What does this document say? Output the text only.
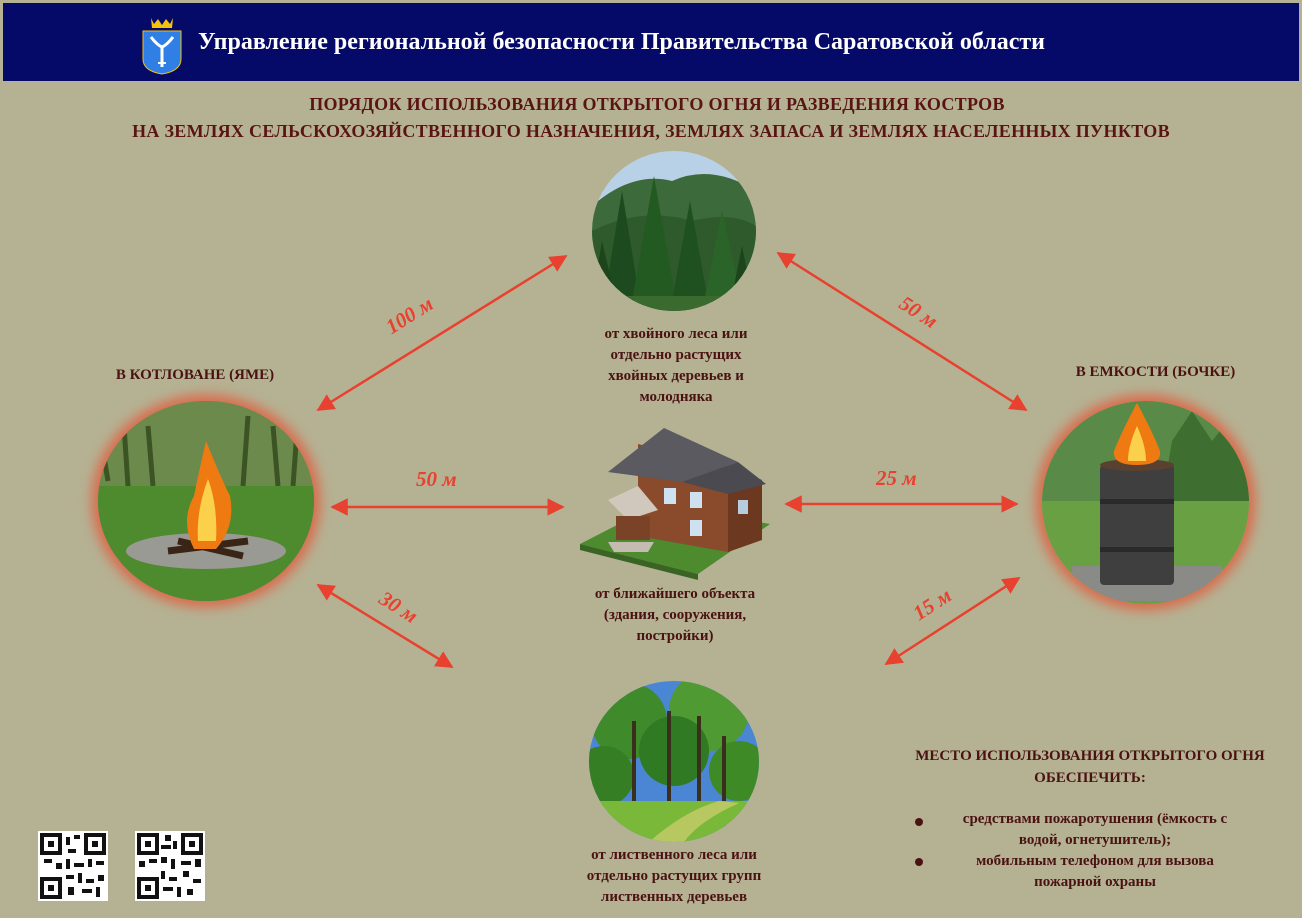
Управление региональной безопасности Правительства Саратовской области
ПОРЯДОК ИСПОЛЬЗОВАНИЯ ОТКРЫТОГО ОГНЯ И РАЗВЕДЕНИЯ КОСТРОВ
НА ЗЕМЛЯХ СЕЛЬСКОХОЗЯЙСТВЕННОГО НАЗНАЧЕНИЯ, ЗЕМЛЯХ ЗАПАСА И ЗЕМЛЯХ НАСЕЛЕННЫХ ПУНКТОВ
100 м	50 м
50 м	25 м
30 м	15 м
от хвойного леса или
отдельно растущих
хвойных деревьев и
молодняка
В КОТЛОВАНЕ (ЯМЕ)	В ЕМКОСТИ (БОЧКЕ)
от ближайшего объекта
(здания, сооружения,
постройки)
от лиственного леса или
отдельно растущих групп
лиственных деревьев
МЕСТО ИСПОЛЬЗОВАНИЯ ОТКРЫТОГО ОГНЯ
ОБЕСПЕЧИТЬ:
средствами пожаротушения (ёмкость с
водой, огнетушитель);
мобильным телефоном для вызова
пожарной охраны
